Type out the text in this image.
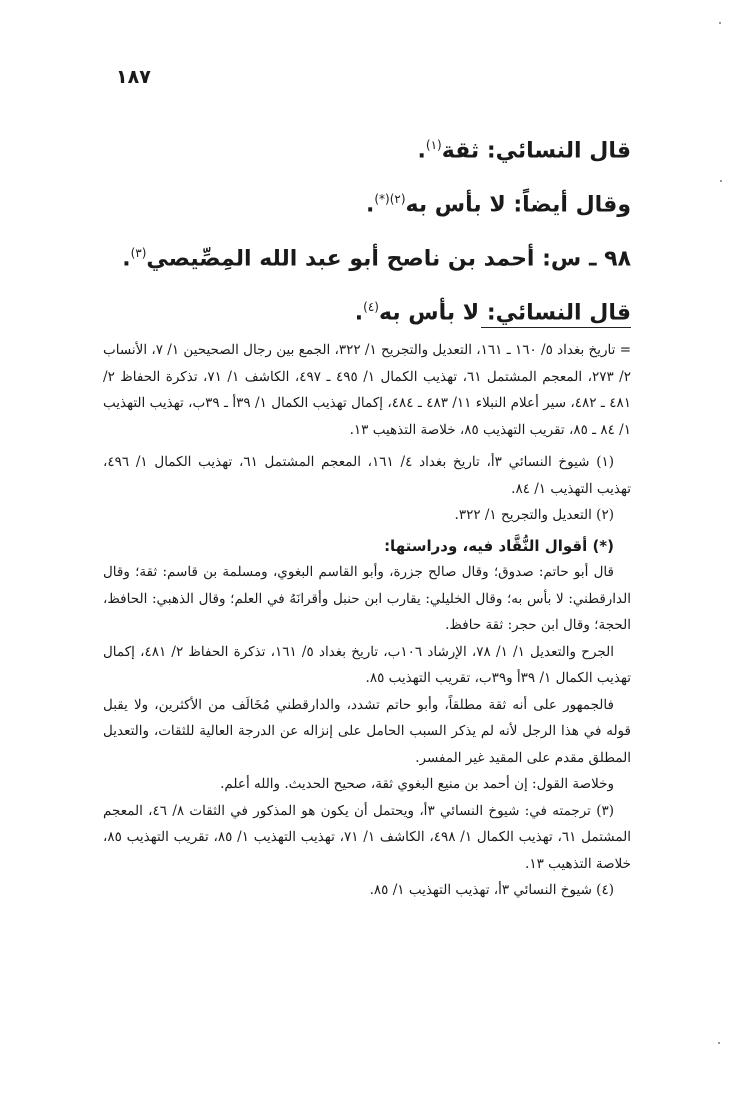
١٨٧

قال النسائي: ثقة$^{(١)}$.

وقال أيضاً: لا بأس به$^{(٢)(*)}$.

٩٨ ـ س: أحمد بن ناصح أبو عبد الله المِصِّيصي$^{(٣)}$.

قال النسائي: لا بأس به$^{(٤)}$.

= تاريخ بغداد ٥/ ١٦٠ ـ ١٦١، التعديل والتجريح ١/ ٣٢٢، الجمع بين رجال الصحيحين ١/ ٧، الأنساب ٢/ ٢٧٣، المعجم المشتمل ٦١، تهذيب الكمال ١/ ٤٩٥ ـ ٤٩٧، الكاشف ١/ ٧١، تذكرة الحفاظ ٢/ ٤٨١ ـ ٤٨٢، سير أعلام النبلاء ١١/ ٤٨٣ ـ ٤٨٤، إكمال تهذيب الكمال ١/ ٣٩أ ـ ٣٩ب، تهذيب التهذيب ١/ ٨٤ ـ ٨٥، تقريب التهذيب ٨٥، خلاصة التذهيب ١٣.

(١) شيوخ النسائي ٣أ، تاريخ بغداد ٤/ ١٦١، المعجم المشتمل ٦١، تهذيب الكمال ١/ ٤٩٦، تهذيب التهذيب ١/ ٨٤.

(٢) التعديل والتجريح ١/ ٣٢٢.

(*) أقوال النُّقَّاد فيه، ودراستها:

قال أبو حاتم: صدوق؛ وقال صالح جزرة، وأبو القاسم البغوي، ومسلمة بن قاسم: ثقة؛ وقال الدارقطني: لا بأس به؛ وقال الخليلي: يقارب ابن حنبل وأقرانَهُ في العلم؛ وقال الذهبي: الحافظ، الحجة؛ وقال ابن حجر: ثقة حافظ.

الجرح والتعديل ١/ ١/ ٧٨، الإرشاد ١٠٦ب، تاريخ بغداد ٥/ ١٦١، تذكرة الحفاظ ٢/ ٤٨١، إكمال تهذيب الكمال ١/ ٣٩أ و٣٩ب، تقريب التهذيب ٨٥.

فالجمهور على أنه ثقة مطلقاً، وأبو حاتم تشدد، والدارقطني مُخَالَف من الأكثرين، ولا يقبل قوله في هذا الرجل لأنه لم يذكر السبب الحامل على إنزاله عن الدرجة العالية للثقات، والتعديل المطلق مقدم على المقيد غير المفسر.

وخلاصة القول: إن أحمد بن منيع البغوي ثقة، صحيح الحديث. والله أعلم.

(٣) ترجمته في: شيوخ النسائي ٣أ، ويحتمل أن يكون هو المذكور في الثقات ٨/ ٤٦، المعجم المشتمل ٦١، تهذيب الكمال ١/ ٤٩٨، الكاشف ١/ ٧١، تهذيب التهذيب ١/ ٨٥، تقريب التهذيب ٨٥، خلاصة التذهيب ١٣.

(٤) شيوخ النسائي ٣أ، تهذيب التهذيب ١/ ٨٥.
